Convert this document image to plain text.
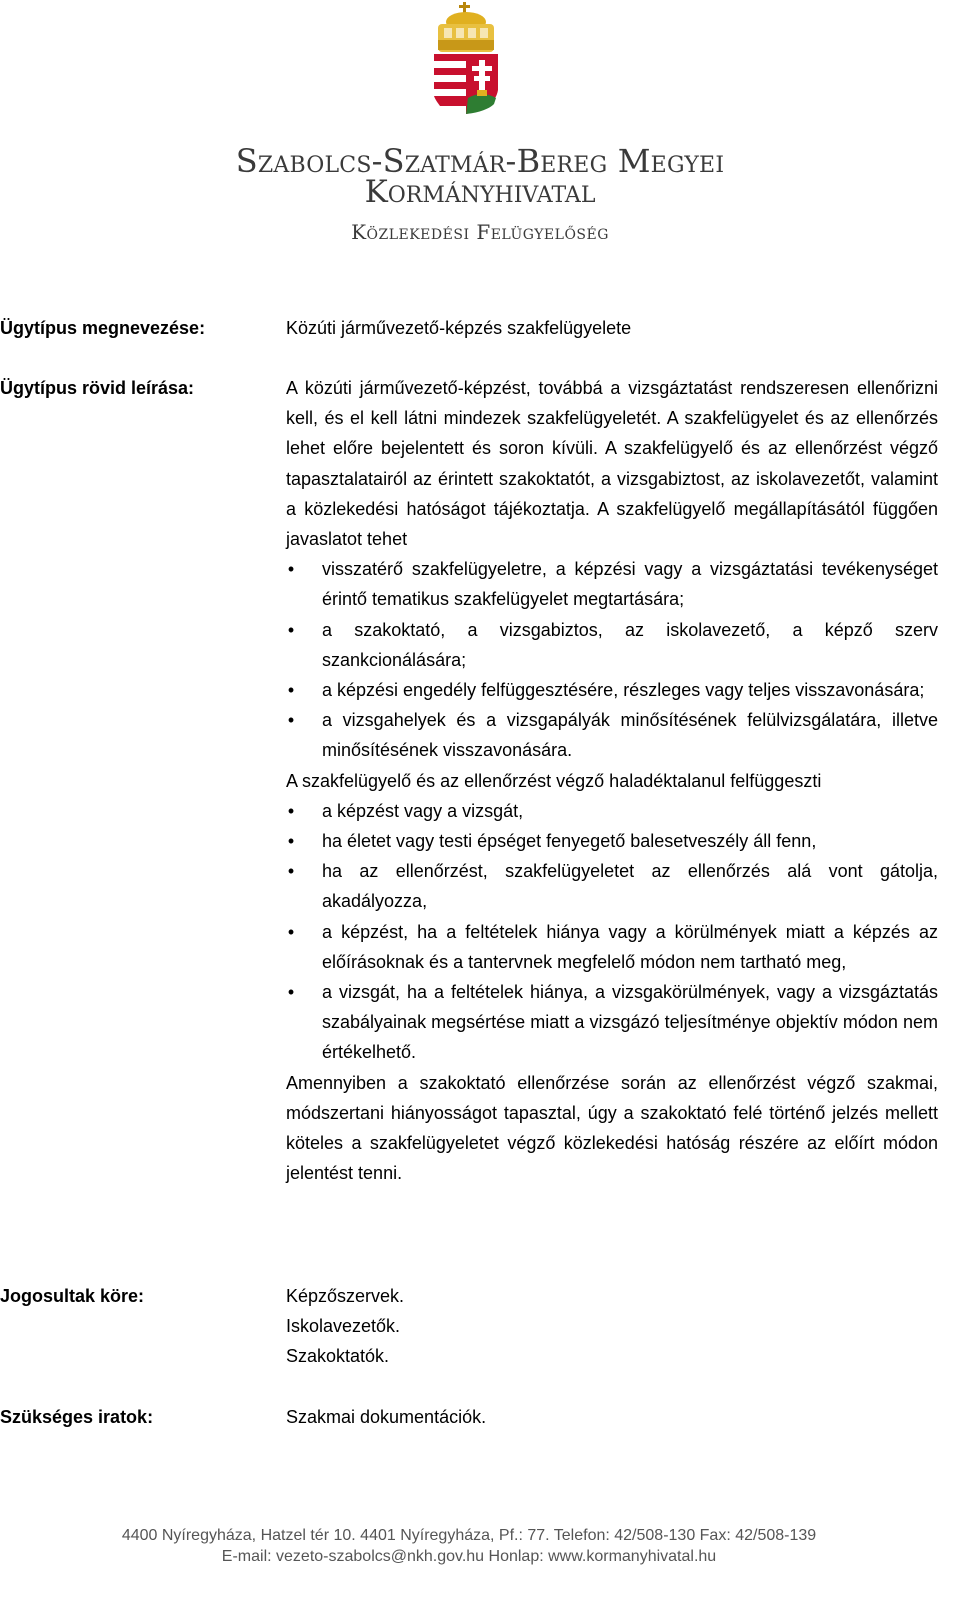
Szabolcs-Szatmár-Bereg Megyei
Kormányhivatal
Közlekedési Felügyelőség
Ügytípus megnevezése:	Közúti járművezető-képzés szakfelügyelete
Ügytípus rövid leírása:	A közúti járművezető-képzést, továbbá a vizsgáztatást rendszeresen ellenőrizni kell, és el kell látni mindezek szakfelügyeletét. A szakfelügyelet és az ellenőrzés lehet előre bejelentett és soron kívüli. A szakfelügyelő és az ellenőrzést végző tapasztalatairól az érintett szakoktatót, a vizsgabiztost, az iskolavezetőt, valamint a közlekedési hatóságot tájékoztatja. A szakfelügyelő megállapításától függően javaslatot tehet

• visszatérő szakfelügyeletre, a képzési vagy a vizsgáztatási tevékenységet érintő tematikus szakfelügyelet megtartására;
• a szakoktató, a vizsgabiztos, az iskolavezető, a képző szerv szankcionálására;
• a képzési engedély felfüggesztésére, részleges vagy teljes visszavonására;
• a vizsgahelyek és a vizsgapályák minősítésének felülvizsgálatára, illetve minősítésének visszavonására.

A szakfelügyelő és az ellenőrzést végző haladéktalanul felfüggeszti

• a képzést vagy a vizsgát,
• ha életet vagy testi épséget fenyegető balesetveszély áll fenn,
• ha az ellenőrzést, szakfelügyeletet az ellenőrzés alá vont gátolja, akadályozza,
• a képzést, ha a feltételek hiánya vagy a körülmények miatt a képzés az előírásoknak és a tantervnek megfelelő módon nem tartható meg,
• a vizsgát, ha a feltételek hiánya, a vizsgakörülmények, vagy a vizsgáztatás szabályainak megsértése miatt a vizsgázó teljesítménye objektív módon nem értékelhető.

Amennyiben a szakoktató ellenőrzése során az ellenőrzést végző szakmai, módszertani hiányosságot tapasztal, úgy a szakoktató felé történő jelzés mellett köteles a szakfelügyeletet végző közlekedési hatóság részére az előírt módon jelentést tenni.

Jogosultak köre:	Képzőszervek.
Iskolavezetők.
Szakoktatók.
Szükséges iratok:	Szakmai dokumentációk.
4400 Nyíregyháza, Hatzel tér 10. 4401 Nyíregyháza, Pf.: 77. Telefon: 42/508-130 Fax: 42/508-139
E-mail: vezeto-szabolcs@nkh.gov.hu Honlap: www.kormanyhivatal.hu
